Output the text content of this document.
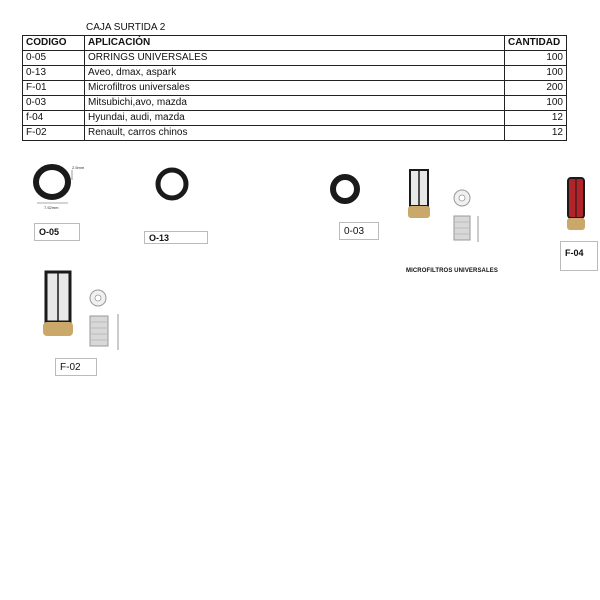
CAJA SURTIDA 2
CODIGO	APLICACIÓN	CANTIDAD
0-05	ORRINGS UNIVERSALES	100
0-13	Aveo, dmax, aspark	100
F-01	Microfiltros universales	200
0-03	Mitsubichi,avo, mazda	100
f-04	Hyundai, audi, mazda	12
F-02	Renault, carros chinos	12
2.5mm
7.52mm
O-05
O-13
0-03
MICROFILTROS UNIVERSALES
F-04
F-02
